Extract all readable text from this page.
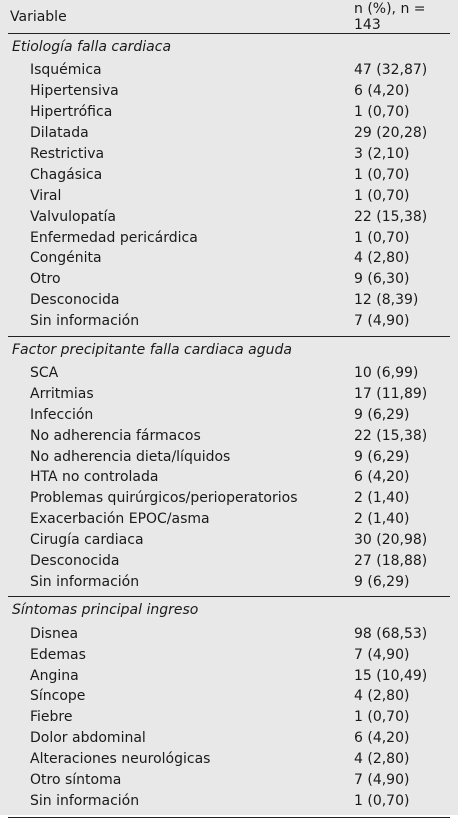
Variable	n (%), n = 143
Etiología falla cardiaca
Isquémica	47 (32,87)
Hipertensiva	6 (4,20)
Hipertrófica	1 (0,70)
Dilatada	29 (20,28)
Restrictiva	3 (2,10)
Chagásica	1 (0,70)
Viral	1 (0,70)
Valvulopatía	22 (15,38)
Enfermedad pericárdica	1 (0,70)
Congénita	4 (2,80)
Otro	9 (6,30)
Desconocida	12 (8,39)
Sin información	7 (4,90)
Factor precipitante falla cardiaca aguda
SCA	10 (6,99)
Arritmias	17 (11,89)
Infección	9 (6,29)
No adherencia fármacos	22 (15,38)
No adherencia dieta/líquidos	9 (6,29)
HTA no controlada	6 (4,20)
Problemas quirúrgicos/perioperatorios	2 (1,40)
Exacerbación EPOC/asma	2 (1,40)
Cirugía cardiaca	30 (20,98)
Desconocida	27 (18,88)
Sin información	9 (6,29)
Síntomas principal ingreso
Disnea	98 (68,53)
Edemas	7 (4,90)
Angina	15 (10,49)
Síncope	4 (2,80)
Fiebre	1 (0,70)
Dolor abdominal	6 (4,20)
Alteraciones neurológicas	4 (2,80)
Otro síntoma	7 (4,90)
Sin información	1 (0,70)
